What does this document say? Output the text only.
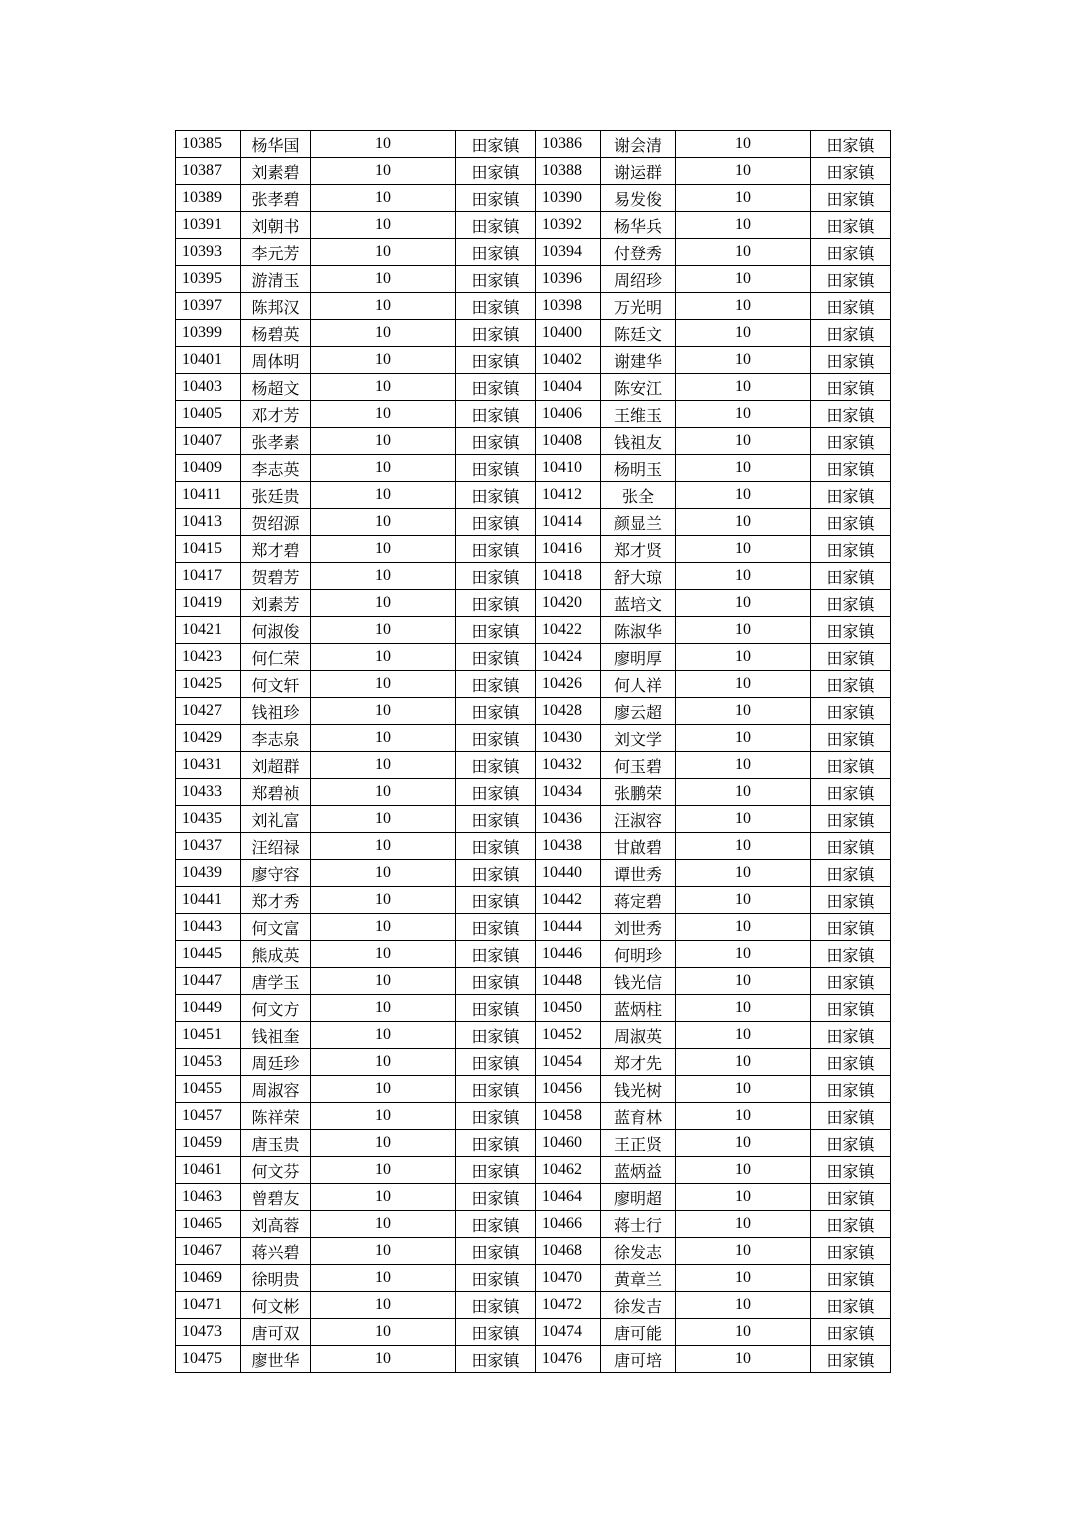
10385	杨华国	10	田家镇	10386	谢会清	10	田家镇
10387	刘素碧	10	田家镇	10388	谢运群	10	田家镇
10389	张孝碧	10	田家镇	10390	易发俊	10	田家镇
10391	刘朝书	10	田家镇	10392	杨华兵	10	田家镇
10393	李元芳	10	田家镇	10394	付登秀	10	田家镇
10395	游清玉	10	田家镇	10396	周绍珍	10	田家镇
10397	陈邦汉	10	田家镇	10398	万光明	10	田家镇
10399	杨碧英	10	田家镇	10400	陈廷文	10	田家镇
10401	周体明	10	田家镇	10402	谢建华	10	田家镇
10403	杨超文	10	田家镇	10404	陈安江	10	田家镇
10405	邓才芳	10	田家镇	10406	王维玉	10	田家镇
10407	张孝素	10	田家镇	10408	钱祖友	10	田家镇
10409	李志英	10	田家镇	10410	杨明玉	10	田家镇
10411	张廷贵	10	田家镇	10412	张全	10	田家镇
10413	贺绍源	10	田家镇	10414	颜显兰	10	田家镇
10415	郑才碧	10	田家镇	10416	郑才贤	10	田家镇
10417	贺碧芳	10	田家镇	10418	舒大琼	10	田家镇
10419	刘素芳	10	田家镇	10420	蓝培文	10	田家镇
10421	何淑俊	10	田家镇	10422	陈淑华	10	田家镇
10423	何仁荣	10	田家镇	10424	廖明厚	10	田家镇
10425	何文轩	10	田家镇	10426	何人祥	10	田家镇
10427	钱祖珍	10	田家镇	10428	廖云超	10	田家镇
10429	李志泉	10	田家镇	10430	刘文学	10	田家镇
10431	刘超群	10	田家镇	10432	何玉碧	10	田家镇
10433	郑碧祯	10	田家镇	10434	张鹏荣	10	田家镇
10435	刘礼富	10	田家镇	10436	汪淑容	10	田家镇
10437	汪绍禄	10	田家镇	10438	甘啟碧	10	田家镇
10439	廖守容	10	田家镇	10440	谭世秀	10	田家镇
10441	郑才秀	10	田家镇	10442	蒋定碧	10	田家镇
10443	何文富	10	田家镇	10444	刘世秀	10	田家镇
10445	熊成英	10	田家镇	10446	何明珍	10	田家镇
10447	唐学玉	10	田家镇	10448	钱光信	10	田家镇
10449	何文方	10	田家镇	10450	蓝炳柱	10	田家镇
10451	钱祖奎	10	田家镇	10452	周淑英	10	田家镇
10453	周廷珍	10	田家镇	10454	郑才先	10	田家镇
10455	周淑容	10	田家镇	10456	钱光树	10	田家镇
10457	陈祥荣	10	田家镇	10458	蓝育林	10	田家镇
10459	唐玉贵	10	田家镇	10460	王正贤	10	田家镇
10461	何文芬	10	田家镇	10462	蓝炳益	10	田家镇
10463	曾碧友	10	田家镇	10464	廖明超	10	田家镇
10465	刘高蓉	10	田家镇	10466	蒋士行	10	田家镇
10467	蒋兴碧	10	田家镇	10468	徐发志	10	田家镇
10469	徐明贵	10	田家镇	10470	黄章兰	10	田家镇
10471	何文彬	10	田家镇	10472	徐发吉	10	田家镇
10473	唐可双	10	田家镇	10474	唐可能	10	田家镇
10475	廖世华	10	田家镇	10476	唐可培	10	田家镇
